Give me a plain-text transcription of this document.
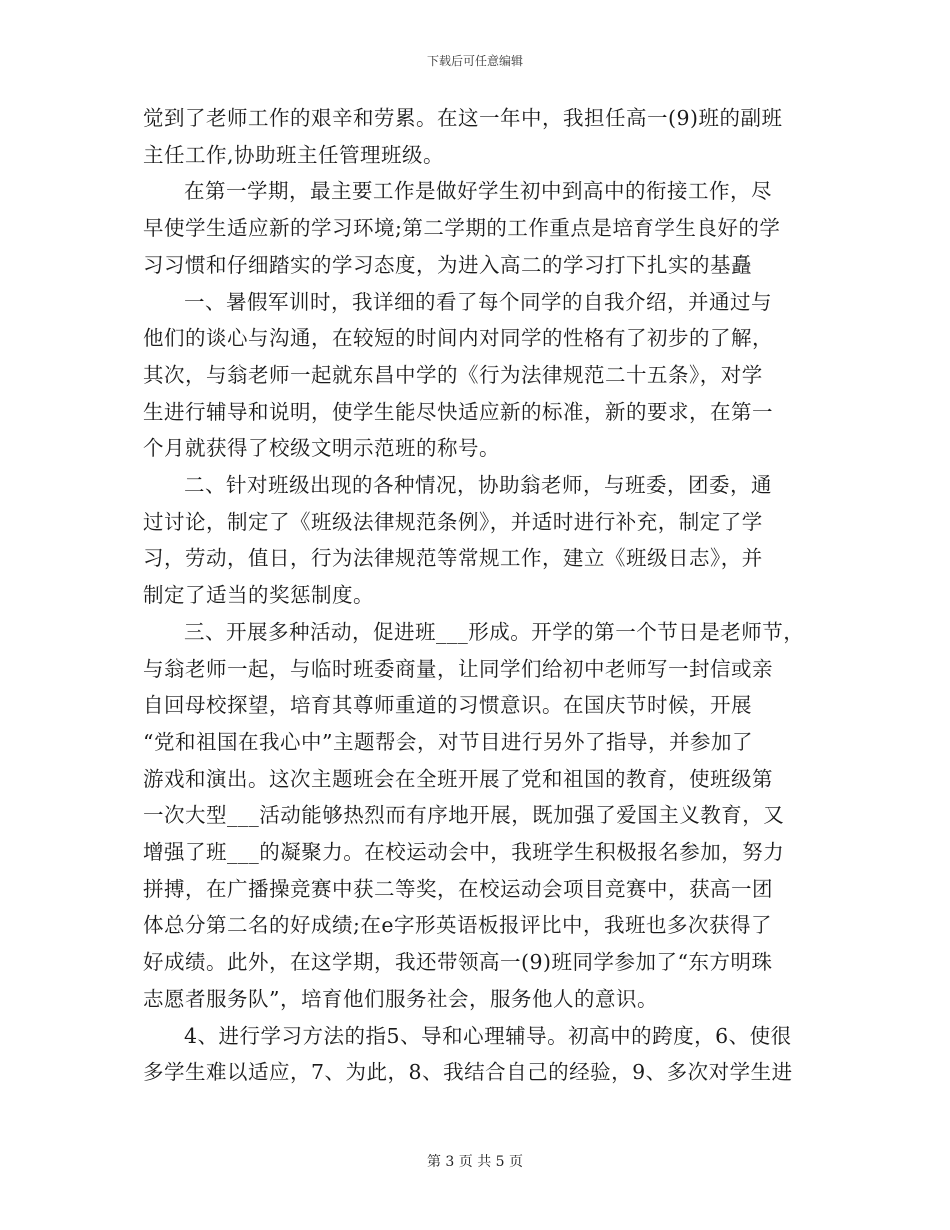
下载后可任意编辑

觉到了老师工作的艰辛和劳累。在这一年中，我担任高一(9)班的副班
主任工作,协助班主任管理班级。

在第一学期，最主要工作是做好学生初中到高中的衔接工作，尽
早使学生适应新的学习环境;第二学期的工作重点是培育学生良好的学
习习惯和仔细踏实的学习态度，为进入高二的学习打下扎实的基矗

一、暑假军训时，我详细的看了每个同学的自我介绍，并通过与
他们的谈心与沟通，在较短的时间内对同学的性格有了初步的了解，
其次，与翁老师一起就东昌中学的《行为法律规范二十五条》，对学
生进行辅导和说明，使学生能尽快适应新的标准，新的要求，在第一
个月就获得了校级文明示范班的称号。

二、针对班级出现的各种情况，协助翁老师，与班委，团委，通
过讨论，制定了《班级法律规范条例》，并适时进行补充，制定了学
习，劳动，值日，行为法律规范等常规工作，建立《班级日志》，并
制定了适当的奖惩制度。

三、开展多种活动，促进班___形成。开学的第一个节日是老师节，
与翁老师一起，与临时班委商量，让同学们给初中老师写一封信或亲
自回母校探望，培育其尊师重道的习惯意识。在国庆节时候，开展
“党和祖国在我心中”主题帮会，对节目进行另外了指导，并参加了
游戏和演出。这次主题班会在全班开展了党和祖国的教育，使班级第
一次大型___活动能够热烈而有序地开展，既加强了爱国主义教育，又
增强了班___的凝聚力。在校运动会中，我班学生积极报名参加，努力
拼搏，在广播操竞赛中获二等奖，在校运动会项目竞赛中，获高一团
体总分第二名的好成绩;在e字形英语板报评比中，我班也多次获得了
好成绩。此外，在这学期，我还带领高一(9)班同学参加了“东方明珠
志愿者服务队”，培育他们服务社会，服务他人的意识。

4、进行学习方法的指5、导和心理辅导。初高中的跨度，6、使很
多学生难以适应，7、为此，8、我结合自己的经验，9、多次对学生进

第 3 页 共 5 页
